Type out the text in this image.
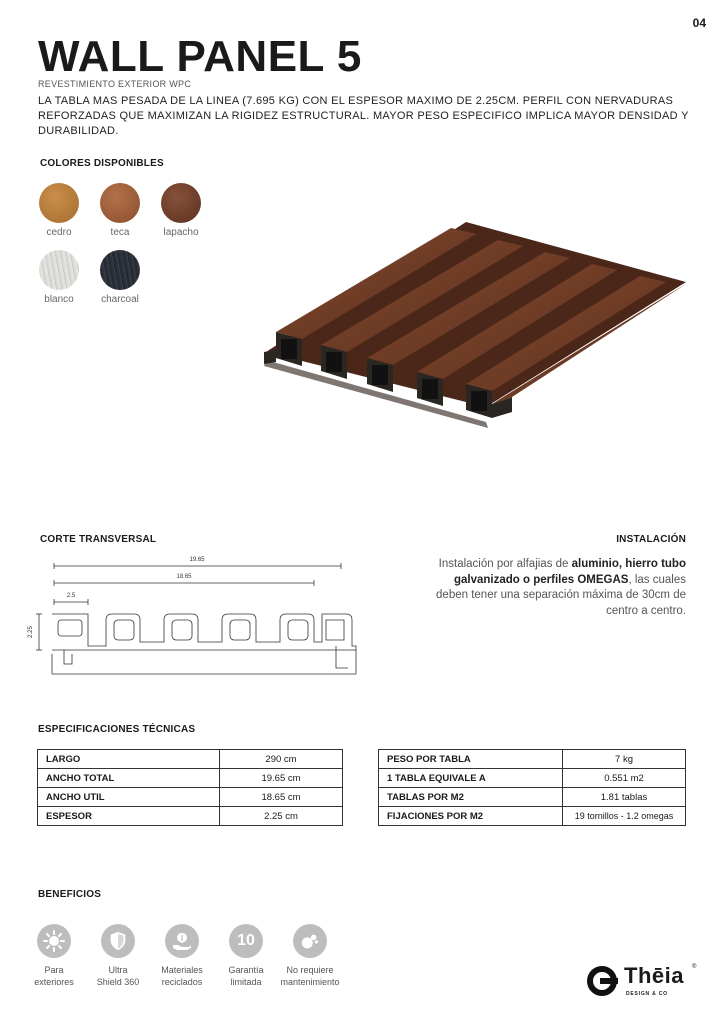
04
WALL PANEL 5
REVESTIMIENTO EXTERIOR WPC

LA TABLA MAS PESADA DE LA LINEA (7.695 KG) CON EL ESPESOR MAXIMO DE 2.25CM. PERFIL CON NERVADURAS REFORZADAS QUE MAXIMIZAN LA RIGIDEZ ESTRUCTURAL. MAYOR PESO ESPECIFICO IMPLICA MAYOR DENSIDAD Y DURABILIDAD.

COLORES DISPONIBLES
cedro	teca	lapacho
blanco	charcoal
CORTE TRANSVERSAL	INSTALACIÓN
19.65
18.65
2.5
2.25

Instalación por alfajias de aluminio, hierro tubo galvanizado o perfiles OMEGAS, las cuales deben tener una separación máxima de 30cm de centro a centro.

ESPECIFICACIONES TÉCNICAS
LARGO	290 cm
ANCHO TOTAL	19.65 cm
ANCHO UTIL	18.65 cm
ESPESOR	2.25 cm
PESO POR TABLA	7 kg
1 TABLA EQUIVALE A	0.551 m2
TABLAS POR M2	1.81 tablas
FIJACIONES POR M2	19 tornillos - 1.2 omegas
BENEFICIOS
Para
exteriores
Ultra
Shield 360
Materiales
reciclados
10
Garantía
limitada
No requiere
mantenimiento	Thēia ®
DESIGN & CO
